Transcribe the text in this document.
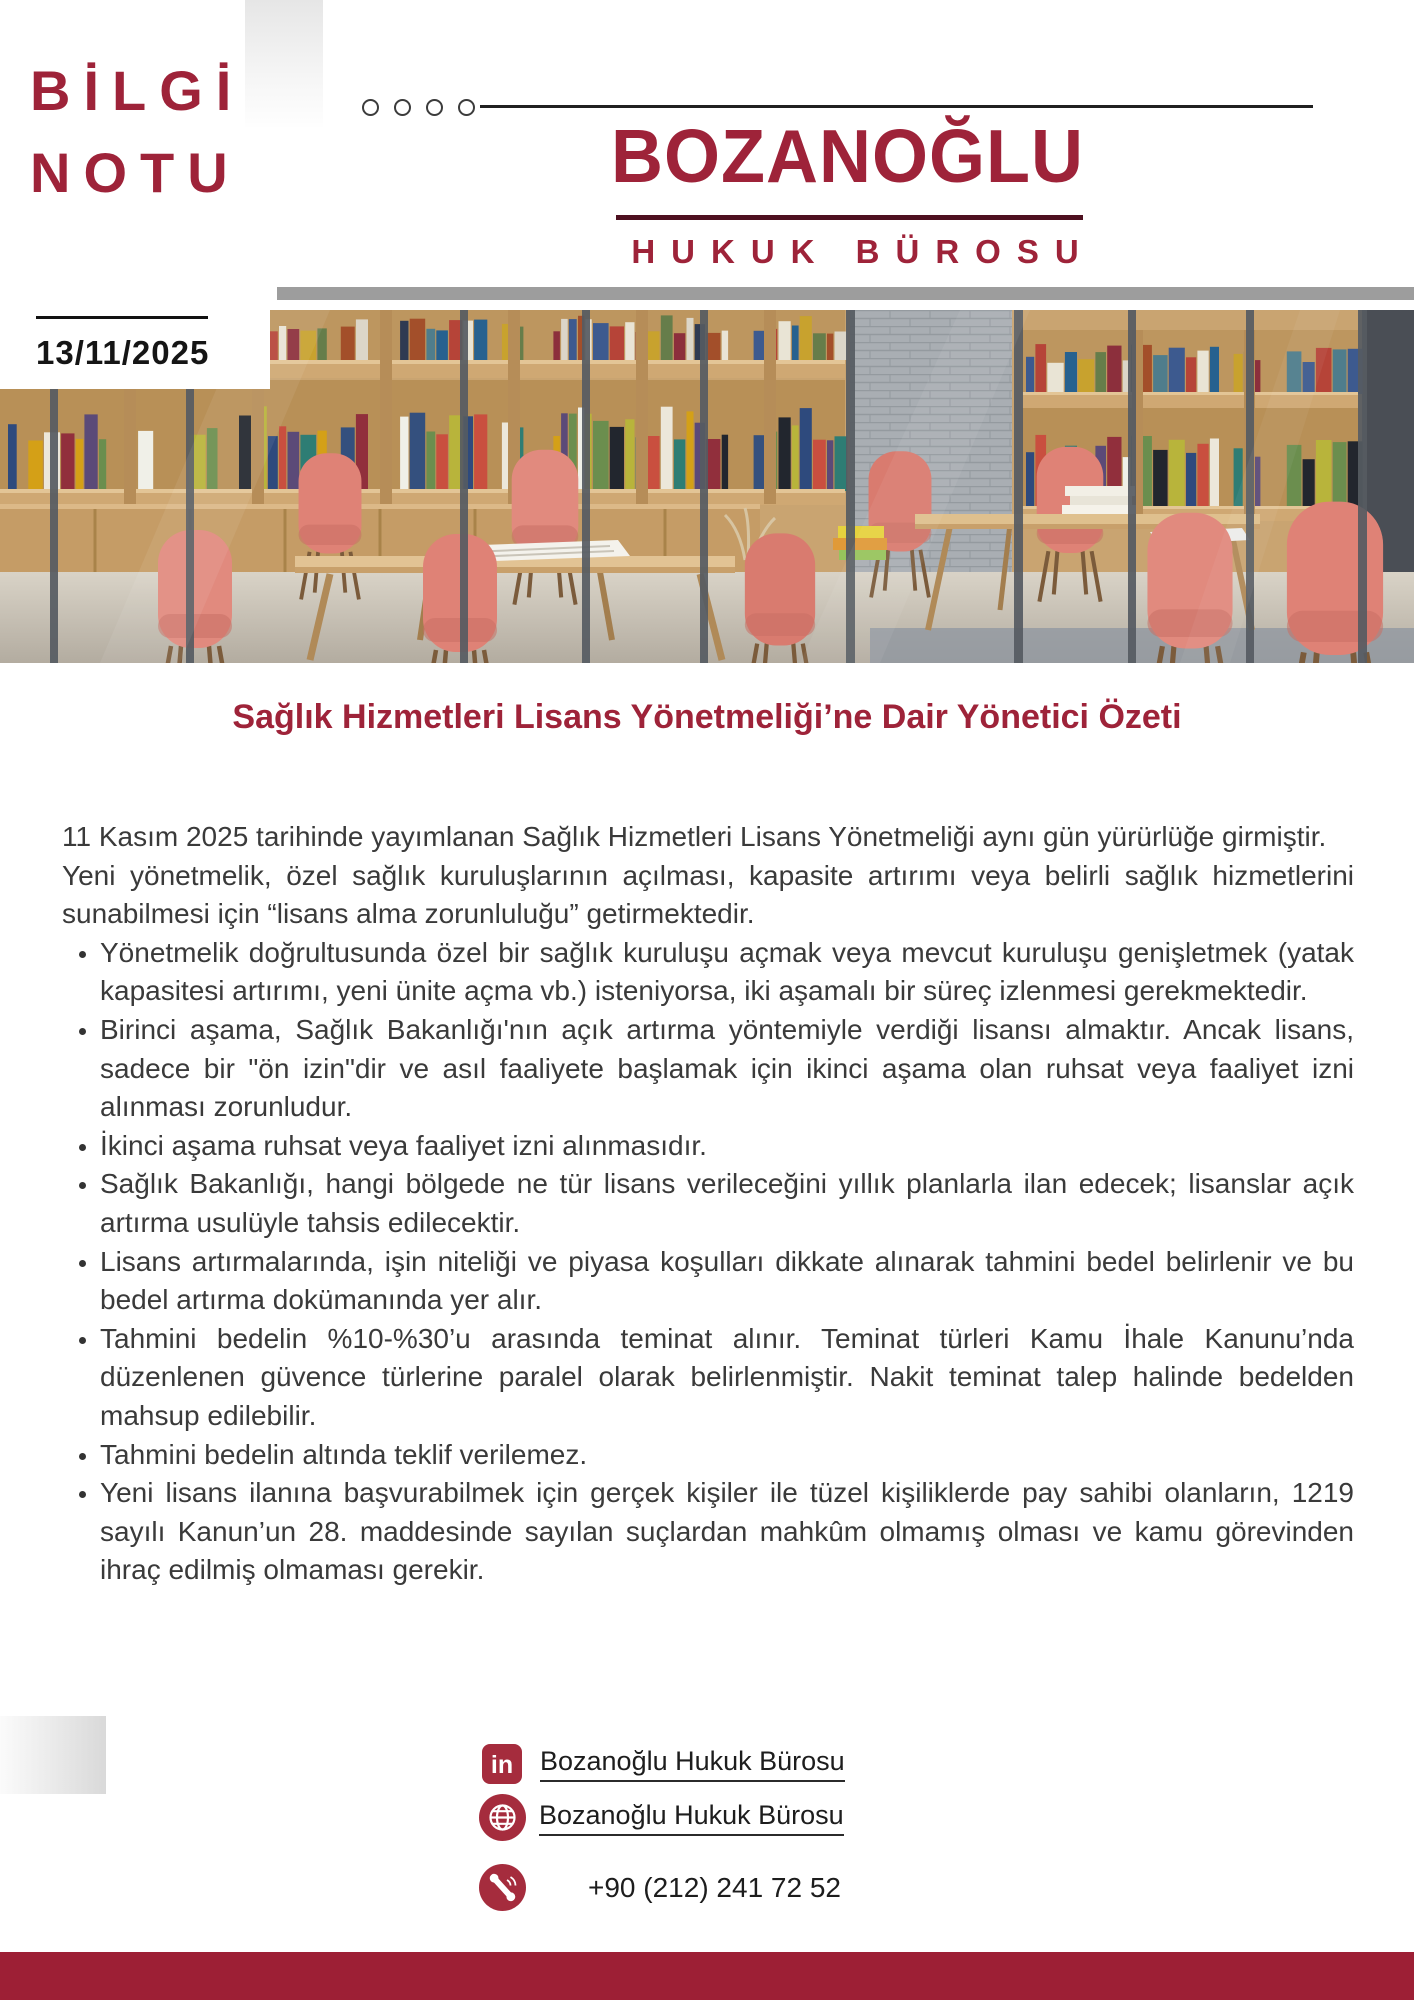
BİLGİ
NOTU	BOZANOĞLU
HUKUK BÜROSU
13/11/2025
Sağlık Hizmetleri Lisans Yönetmeliği’ne Dair Yönetici Özeti

11 Kasım 2025 tarihinde yayımlanan Sağlık Hizmetleri Lisans Yönetmeliği aynı gün yürürlüğe girmiştir.

Yeni yönetmelik, özel sağlık kuruluşlarının açılması, kapasite artırımı veya belirli sağlık hizmetlerini sunabilmesi için “lisans alma zorunluluğu” getirmektedir.

• Yönetmelik doğrultusunda özel bir sağlık kuruluşu açmak veya mevcut kuruluşu genişletmek (yatak kapasitesi artırımı, yeni ünite açma vb.) isteniyorsa, iki aşamalı bir süreç izlenmesi gerekmektedir.
• Birinci aşama, Sağlık Bakanlığı'nın açık artırma yöntemiyle verdiği lisansı almaktır. Ancak lisans, sadece bir "ön izin"dir ve asıl faaliyete başlamak için ikinci aşama olan ruhsat veya faaliyet izni alınması zorunludur.
• İkinci aşama ruhsat veya faaliyet izni alınmasıdır.
• Sağlık Bakanlığı, hangi bölgede ne tür lisans verileceğini yıllık planlarla ilan edecek; lisanslar açık artırma usulüyle tahsis edilecektir.
• Lisans artırmalarında, işin niteliği ve piyasa koşulları dikkate alınarak tahmini bedel belirlenir ve bu bedel artırma dokümanında yer alır.
• Tahmini bedelin %10-%30’u arasında teminat alınır. Teminat türleri Kamu İhale Kanunu’nda düzenlenen güvence türlerine paralel olarak belirlenmiştir. Nakit teminat talep halinde bedelden mahsup edilebilir.
• Tahmini bedelin altında teklif verilemez.
• Yeni lisans ilanına başvurabilmek için gerçek kişiler ile tüzel kişiliklerde pay sahibi olanların, 1219 sayılı Kanun’un 28. maddesinde sayılan suçlardan mahkûm olmamış olması ve kamu görevinden ihraç edilmiş olmaması gerekir.
in Bozanoğlu Hukuk Bürosu
Bozanoğlu Hukuk Bürosu
+90 (212) 241 72 52
